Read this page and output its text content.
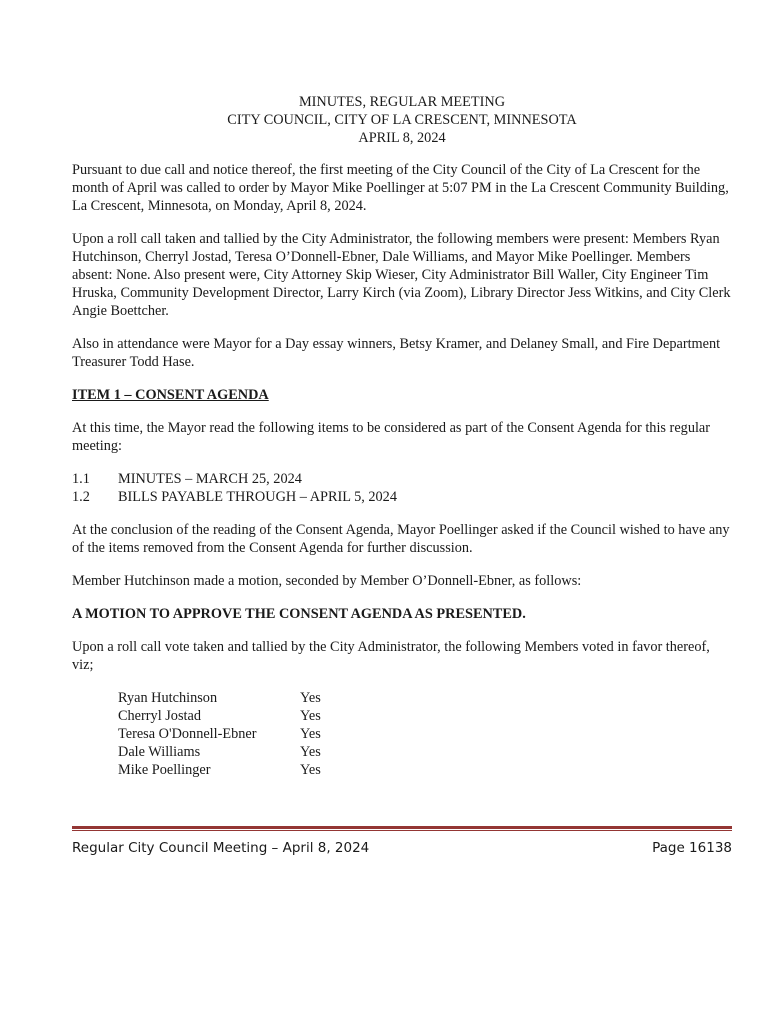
MINUTES, REGULAR MEETING
CITY COUNCIL, CITY OF LA CRESCENT, MINNESOTA
APRIL 8, 2024

Pursuant to due call and notice thereof, the first meeting of the City Council of the City of La Crescent for the month of April was called to order by Mayor Mike Poellinger at 5:07 PM in the La Crescent Community Building, La Crescent, Minnesota, on Monday, April 8, 2024.

Upon a roll call taken and tallied by the City Administrator, the following members were present: Members Ryan Hutchinson, Cherryl Jostad, Teresa O’Donnell-Ebner, Dale Williams, and Mayor Mike Poellinger. Members absent: None. Also present were, City Attorney Skip Wieser, City Administrator Bill Waller, City Engineer Tim Hruska, Community Development Director, Larry Kirch (via Zoom), Library Director Jess Witkins, and City Clerk Angie Boettcher.

Also in attendance were Mayor for a Day essay winners, Betsy Kramer, and Delaney Small, and Fire Department Treasurer Todd Hase.

ITEM 1 – CONSENT AGENDA

At this time, the Mayor read the following items to be considered as part of the Consent Agenda for this regular meeting:

1.1	MINUTES – MARCH 25, 2024
1.2	BILLS PAYABLE THROUGH – APRIL 5, 2024

At the conclusion of the reading of the Consent Agenda, Mayor Poellinger asked if the Council wished to have any of the items removed from the Consent Agenda for further discussion.

Member Hutchinson made a motion, seconded by Member O’Donnell-Ebner, as follows:

A MOTION TO APPROVE THE CONSENT AGENDA AS PRESENTED.

Upon a roll call vote taken and tallied by the City Administrator, the following Members voted in favor thereof, viz;

Ryan Hutchinson	Yes
Cherryl Jostad	Yes
Teresa O'Donnell-Ebner	Yes
Dale Williams	Yes
Mike Poellinger	Yes
Regular City Council Meeting – April 8, 2024	Page 16138
